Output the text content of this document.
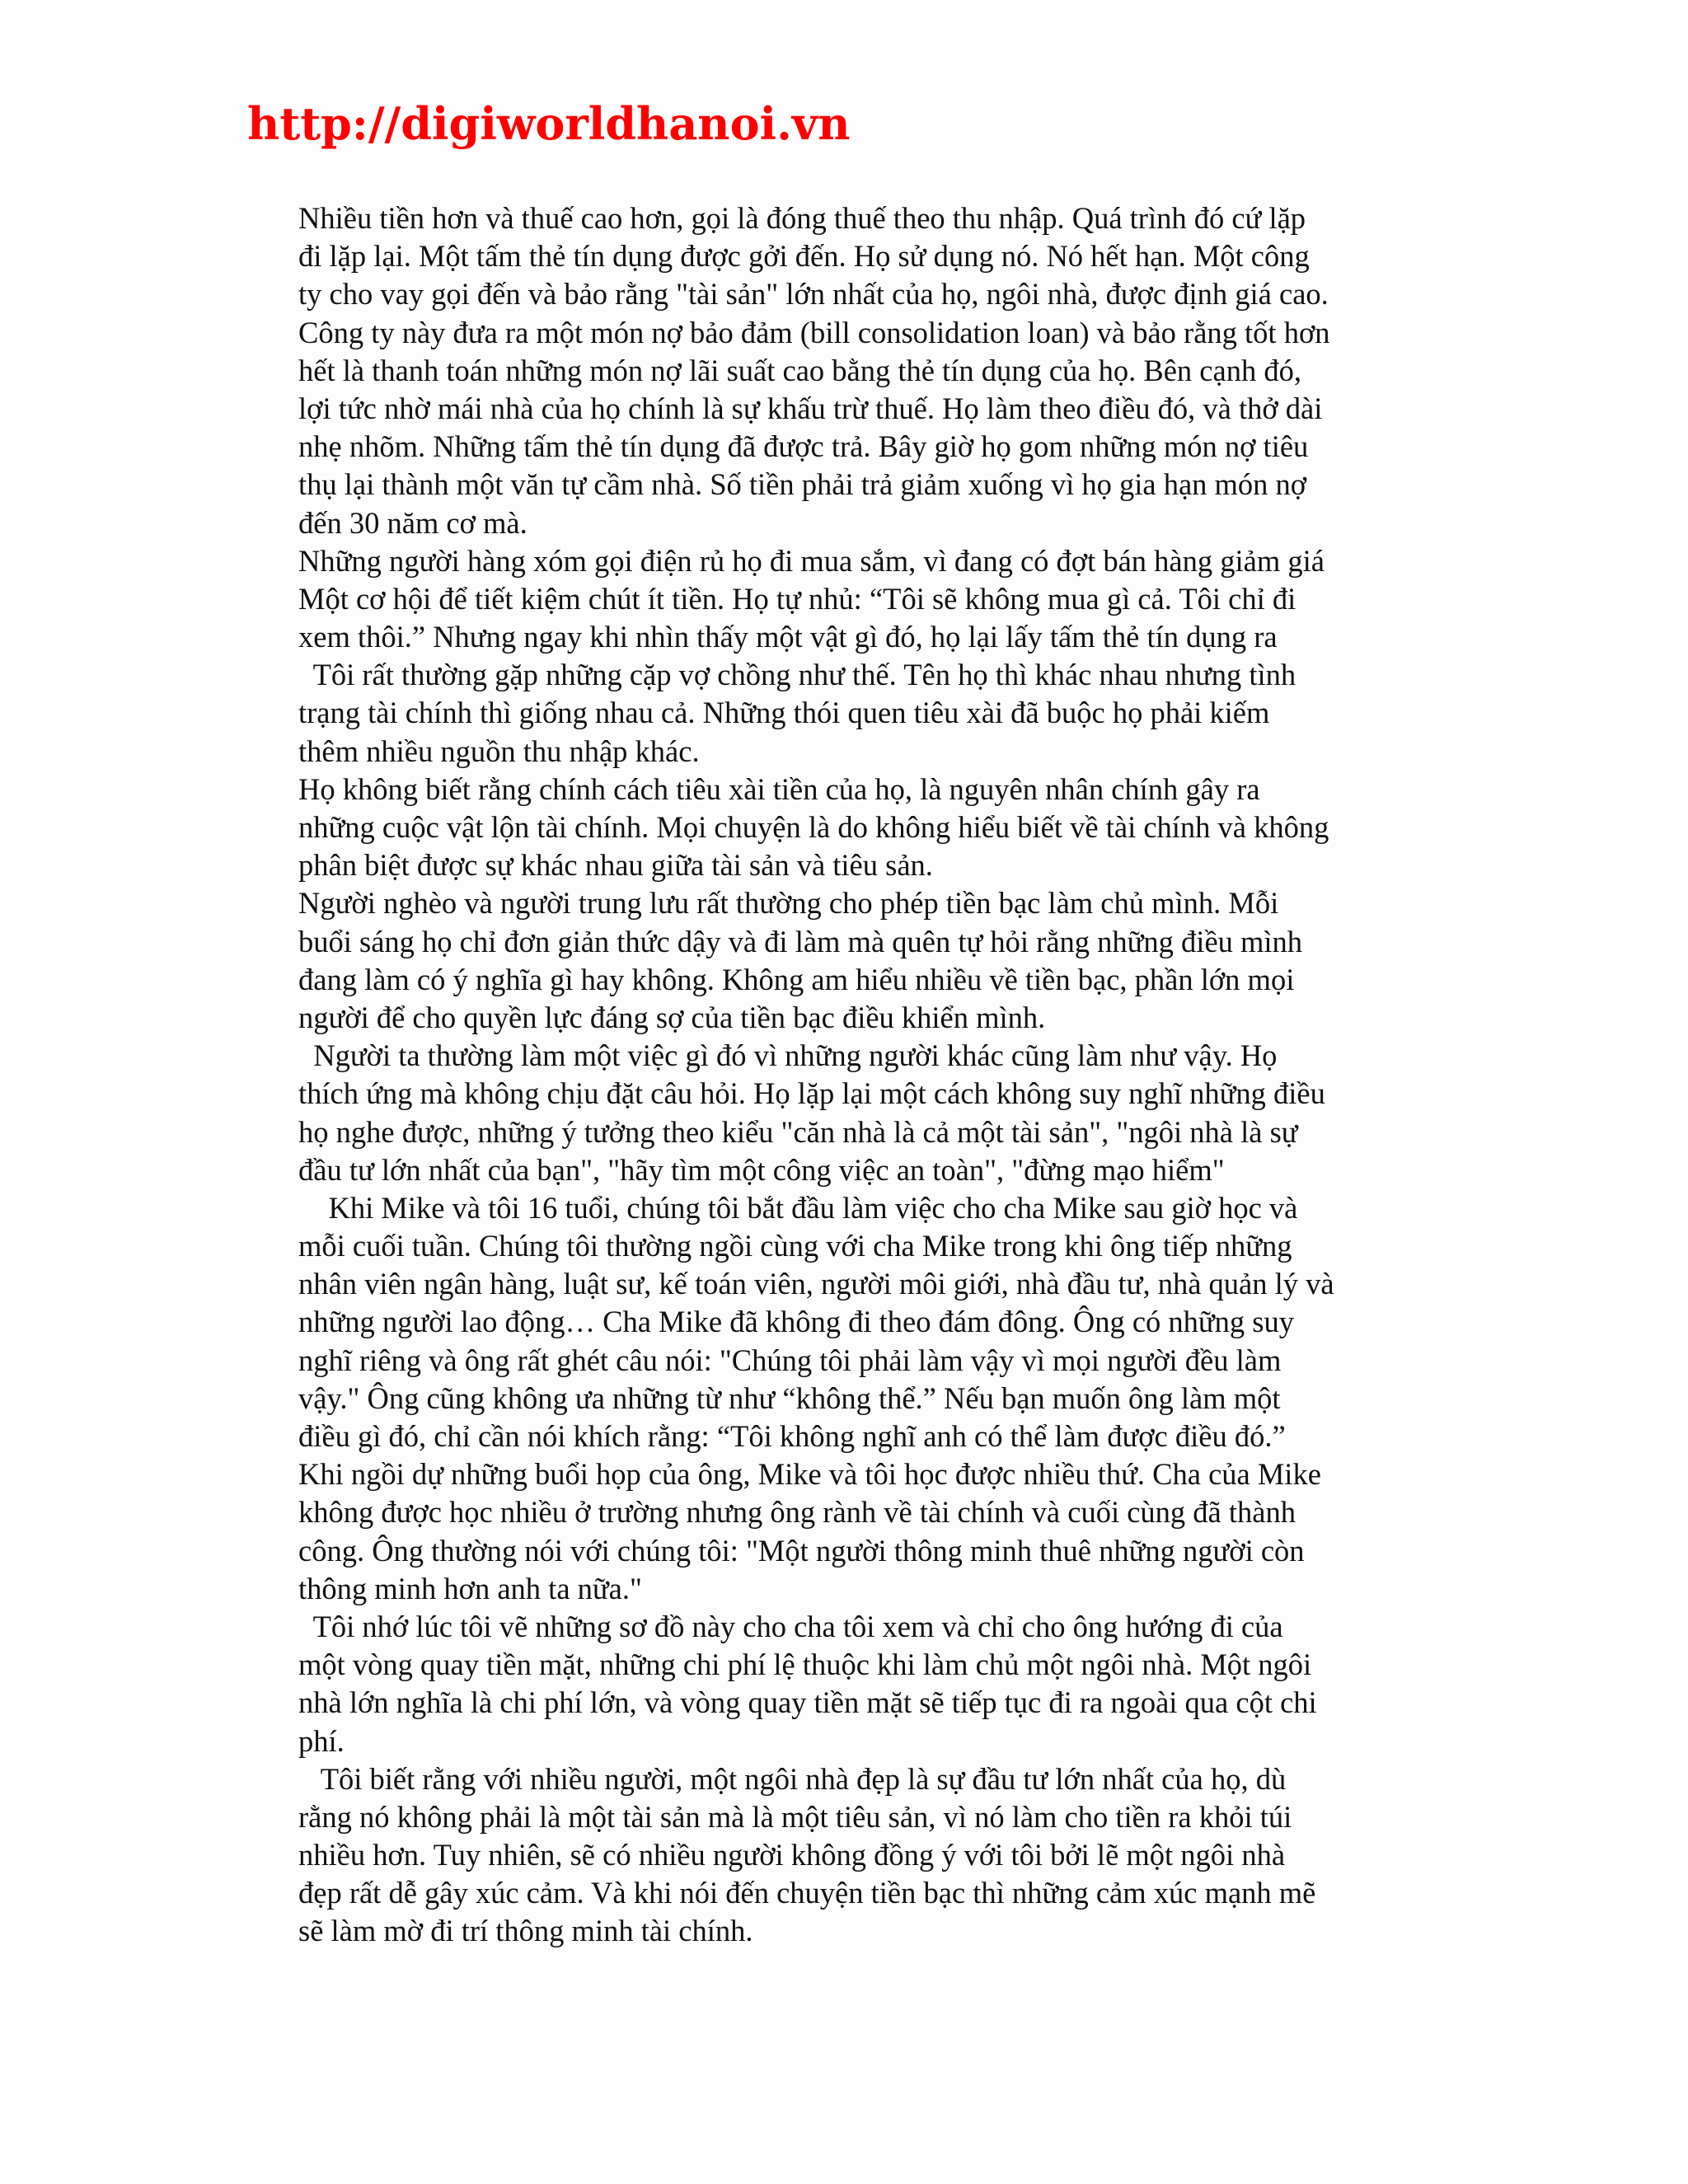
http://digiworldhanoi.vn
Nhiều tiền hơn và thuế cao hơn, gọi là đóng thuế theo thu nhập. Quá trình đó cứ lặp
đi lặp lại. Một tấm thẻ tín dụng được gởi đến. Họ sử dụng nó. Nó hết hạn. Một công
ty cho vay gọi đến và bảo rằng "tài sản" lớn nhất của họ, ngôi nhà, được định giá cao.
Công ty này đưa ra một món nợ bảo đảm (bill consolidation loan) và bảo rằng tốt hơn
hết là thanh toán những món nợ lãi suất cao bằng thẻ tín dụng của họ. Bên cạnh đó,
lợi tức nhờ mái nhà của họ chính là sự khấu trừ thuế. Họ làm theo điều đó, và thở dài
nhẹ nhõm. Những tấm thẻ tín dụng đã được trả. Bây giờ họ gom những món nợ tiêu
thụ lại thành một văn tự cầm nhà. Số tiền phải trả giảm xuống vì họ gia hạn món nợ
đến 30 năm cơ mà.
Những người hàng xóm gọi điện rủ họ đi mua sắm, vì đang có đợt bán hàng giảm giá
Một cơ hội để tiết kiệm chút ít tiền. Họ tự nhủ: “Tôi sẽ không mua gì cả. Tôi chỉ đi
xem thôi.” Nhưng ngay khi nhìn thấy một vật gì đó, họ lại lấy tấm thẻ tín dụng ra
Tôi rất thường gặp những cặp vợ chồng như thế. Tên họ thì khác nhau nhưng tình
trạng tài chính thì giống nhau cả. Những thói quen tiêu xài đã buộc họ phải kiếm
thêm nhiều nguồn thu nhập khác.
Họ không biết rằng chính cách tiêu xài tiền của họ, là nguyên nhân chính gây ra
những cuộc vật lộn tài chính. Mọi chuyện là do không hiểu biết về tài chính và không
phân biệt được sự khác nhau giữa tài sản và tiêu sản.
Người nghèo và người trung lưu rất thường cho phép tiền bạc làm chủ mình. Mỗi
buổi sáng họ chỉ đơn giản thức dậy và đi làm mà quên tự hỏi rằng những điều mình
đang làm có ý nghĩa gì hay không. Không am hiểu nhiều về tiền bạc, phần lớn mọi
người để cho quyền lực đáng sợ của tiền bạc điều khiển mình.
Người ta thường làm một việc gì đó vì những người khác cũng làm như vậy. Họ
thích ứng mà không chịu đặt câu hỏi. Họ lặp lại một cách không suy nghĩ những điều
họ nghe được, những ý tưởng theo kiểu "căn nhà là cả một tài sản", "ngôi nhà là sự
đầu tư lớn nhất của bạn", "hãy tìm một công việc an toàn", "đừng mạo hiểm"
Khi Mike và tôi 16 tuổi, chúng tôi bắt đầu làm việc cho cha Mike sau giờ học và
mỗi cuối tuần. Chúng tôi thường ngồi cùng với cha Mike trong khi ông tiếp những
nhân viên ngân hàng, luật sư, kế toán viên, người môi giới, nhà đầu tư, nhà quản lý và
những người lao động… Cha Mike đã không đi theo đám đông. Ông có những suy
nghĩ riêng và ông rất ghét câu nói: "Chúng tôi phải làm vậy vì mọi người đều làm
vậy." Ông cũng không ưa những từ như “không thể.” Nếu bạn muốn ông làm một
điều gì đó, chỉ cần nói khích rằng: “Tôi không nghĩ anh có thể làm được điều đó.”
Khi ngồi dự những buổi họp của ông, Mike và tôi học được nhiều thứ. Cha của Mike
không được học nhiều ở trường nhưng ông rành về tài chính và cuối cùng đã thành
công. Ông thường nói với chúng tôi: "Một người thông minh thuê những người còn
thông minh hơn anh ta nữa."
Tôi nhớ lúc tôi vẽ những sơ đồ này cho cha tôi xem và chỉ cho ông hướng đi của
một vòng quay tiền mặt, những chi phí lệ thuộc khi làm chủ một ngôi nhà. Một ngôi
nhà lớn nghĩa là chi phí lớn, và vòng quay tiền mặt sẽ tiếp tục đi ra ngoài qua cột chi
phí.
Tôi biết rằng với nhiều người, một ngôi nhà đẹp là sự đầu tư lớn nhất của họ, dù
rằng nó không phải là một tài sản mà là một tiêu sản, vì nó làm cho tiền ra khỏi túi
nhiều hơn. Tuy nhiên, sẽ có nhiều người không đồng ý với tôi bởi lẽ một ngôi nhà
đẹp rất dễ gây xúc cảm. Và khi nói đến chuyện tiền bạc thì những cảm xúc mạnh mẽ
sẽ làm mờ đi trí thông minh tài chính.
